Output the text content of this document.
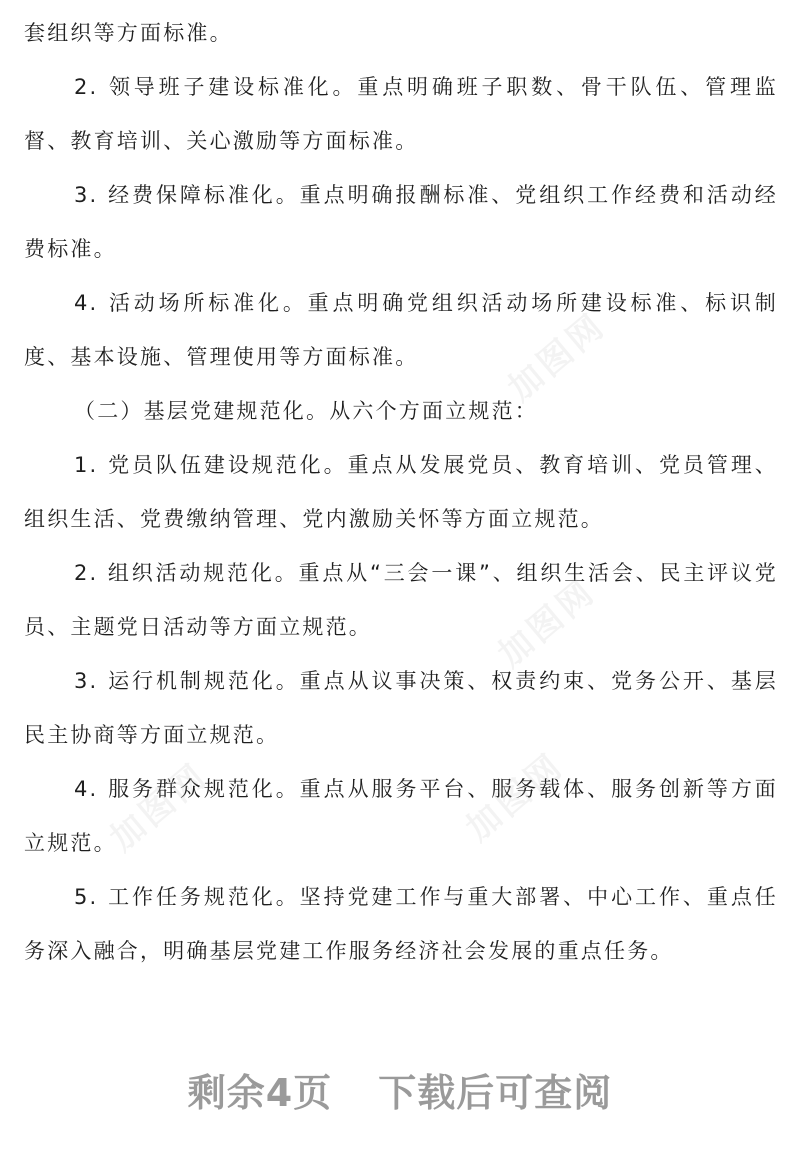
套组织等方面标准。

2. 领导班子建设标准化。重点明确班子职数、骨干队伍、管理监督、教育培训、关心激励等方面标准。

3. 经费保障标准化。重点明确报酬标准、党组织工作经费和活动经费标准。

4. 活动场所标准化。重点明确党组织活动场所建设标准、标识制度、基本设施、管理使用等方面标准。

（二）基层党建规范化。从六个方面立规范：

1. 党员队伍建设规范化。重点从发展党员、教育培训、党员管理、组织生活、党费缴纳管理、党内激励关怀等方面立规范。

2. 组织活动规范化。重点从“三会一课”、组织生活会、民主评议党员、主题党日活动等方面立规范。

3. 运行机制规范化。重点从议事决策、权责约束、党务公开、基层民主协商等方面立规范。

4. 服务群众规范化。重点从服务平台、服务载体、服务创新等方面立规范。

5. 工作任务规范化。坚持党建工作与重大部署、中心工作、重点任务深入融合，明确基层党建工作服务经济社会发展的重点任务。

加图网
加图网
加图网
加图网
剩余4页 下载后可查阅
